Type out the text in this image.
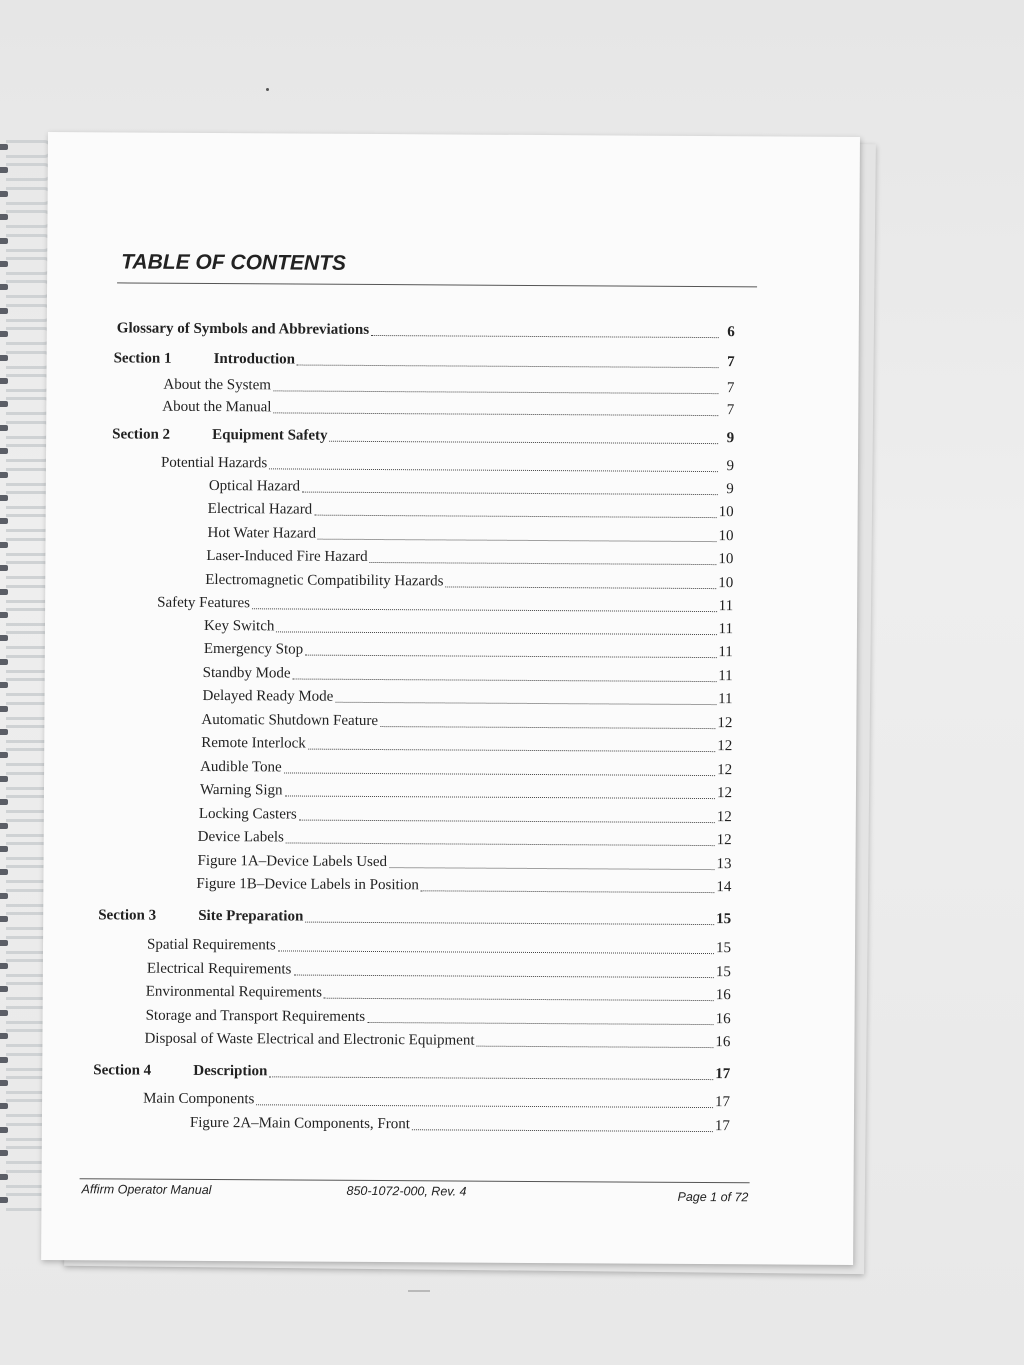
TABLE OF CONTENTS
Glossary of Symbols and Abbreviations	6
Section 1	Introduction	7
About the System	7
About the Manual	7
Section 2	Equipment Safety	9
Potential Hazards	9
Optical Hazard	9
Electrical Hazard	10
Hot Water Hazard	10
Laser-Induced Fire Hazard	10
Electromagnetic Compatibility Hazards	10
Safety Features	11
Key Switch	11
Emergency Stop	11
Standby Mode	11
Delayed Ready Mode	11
Automatic Shutdown Feature	12
Remote Interlock	12
Audible Tone	12
Warning Sign	12
Locking Casters	12
Device Labels	12
Figure 1A–Device Labels Used	13
Figure 1B–Device Labels in Position	14
Section 3	Site Preparation	15
Spatial Requirements	15
Electrical Requirements	15
Environmental Requirements	16
Storage and Transport Requirements	16
Disposal of Waste Electrical and Electronic Equipment	16
Section 4	Description	17
Main Components	17
Figure 2A–Main Components, Front	17
Affirm Operator Manual	850-1072-000, Rev. 4	Page 1 of 72
